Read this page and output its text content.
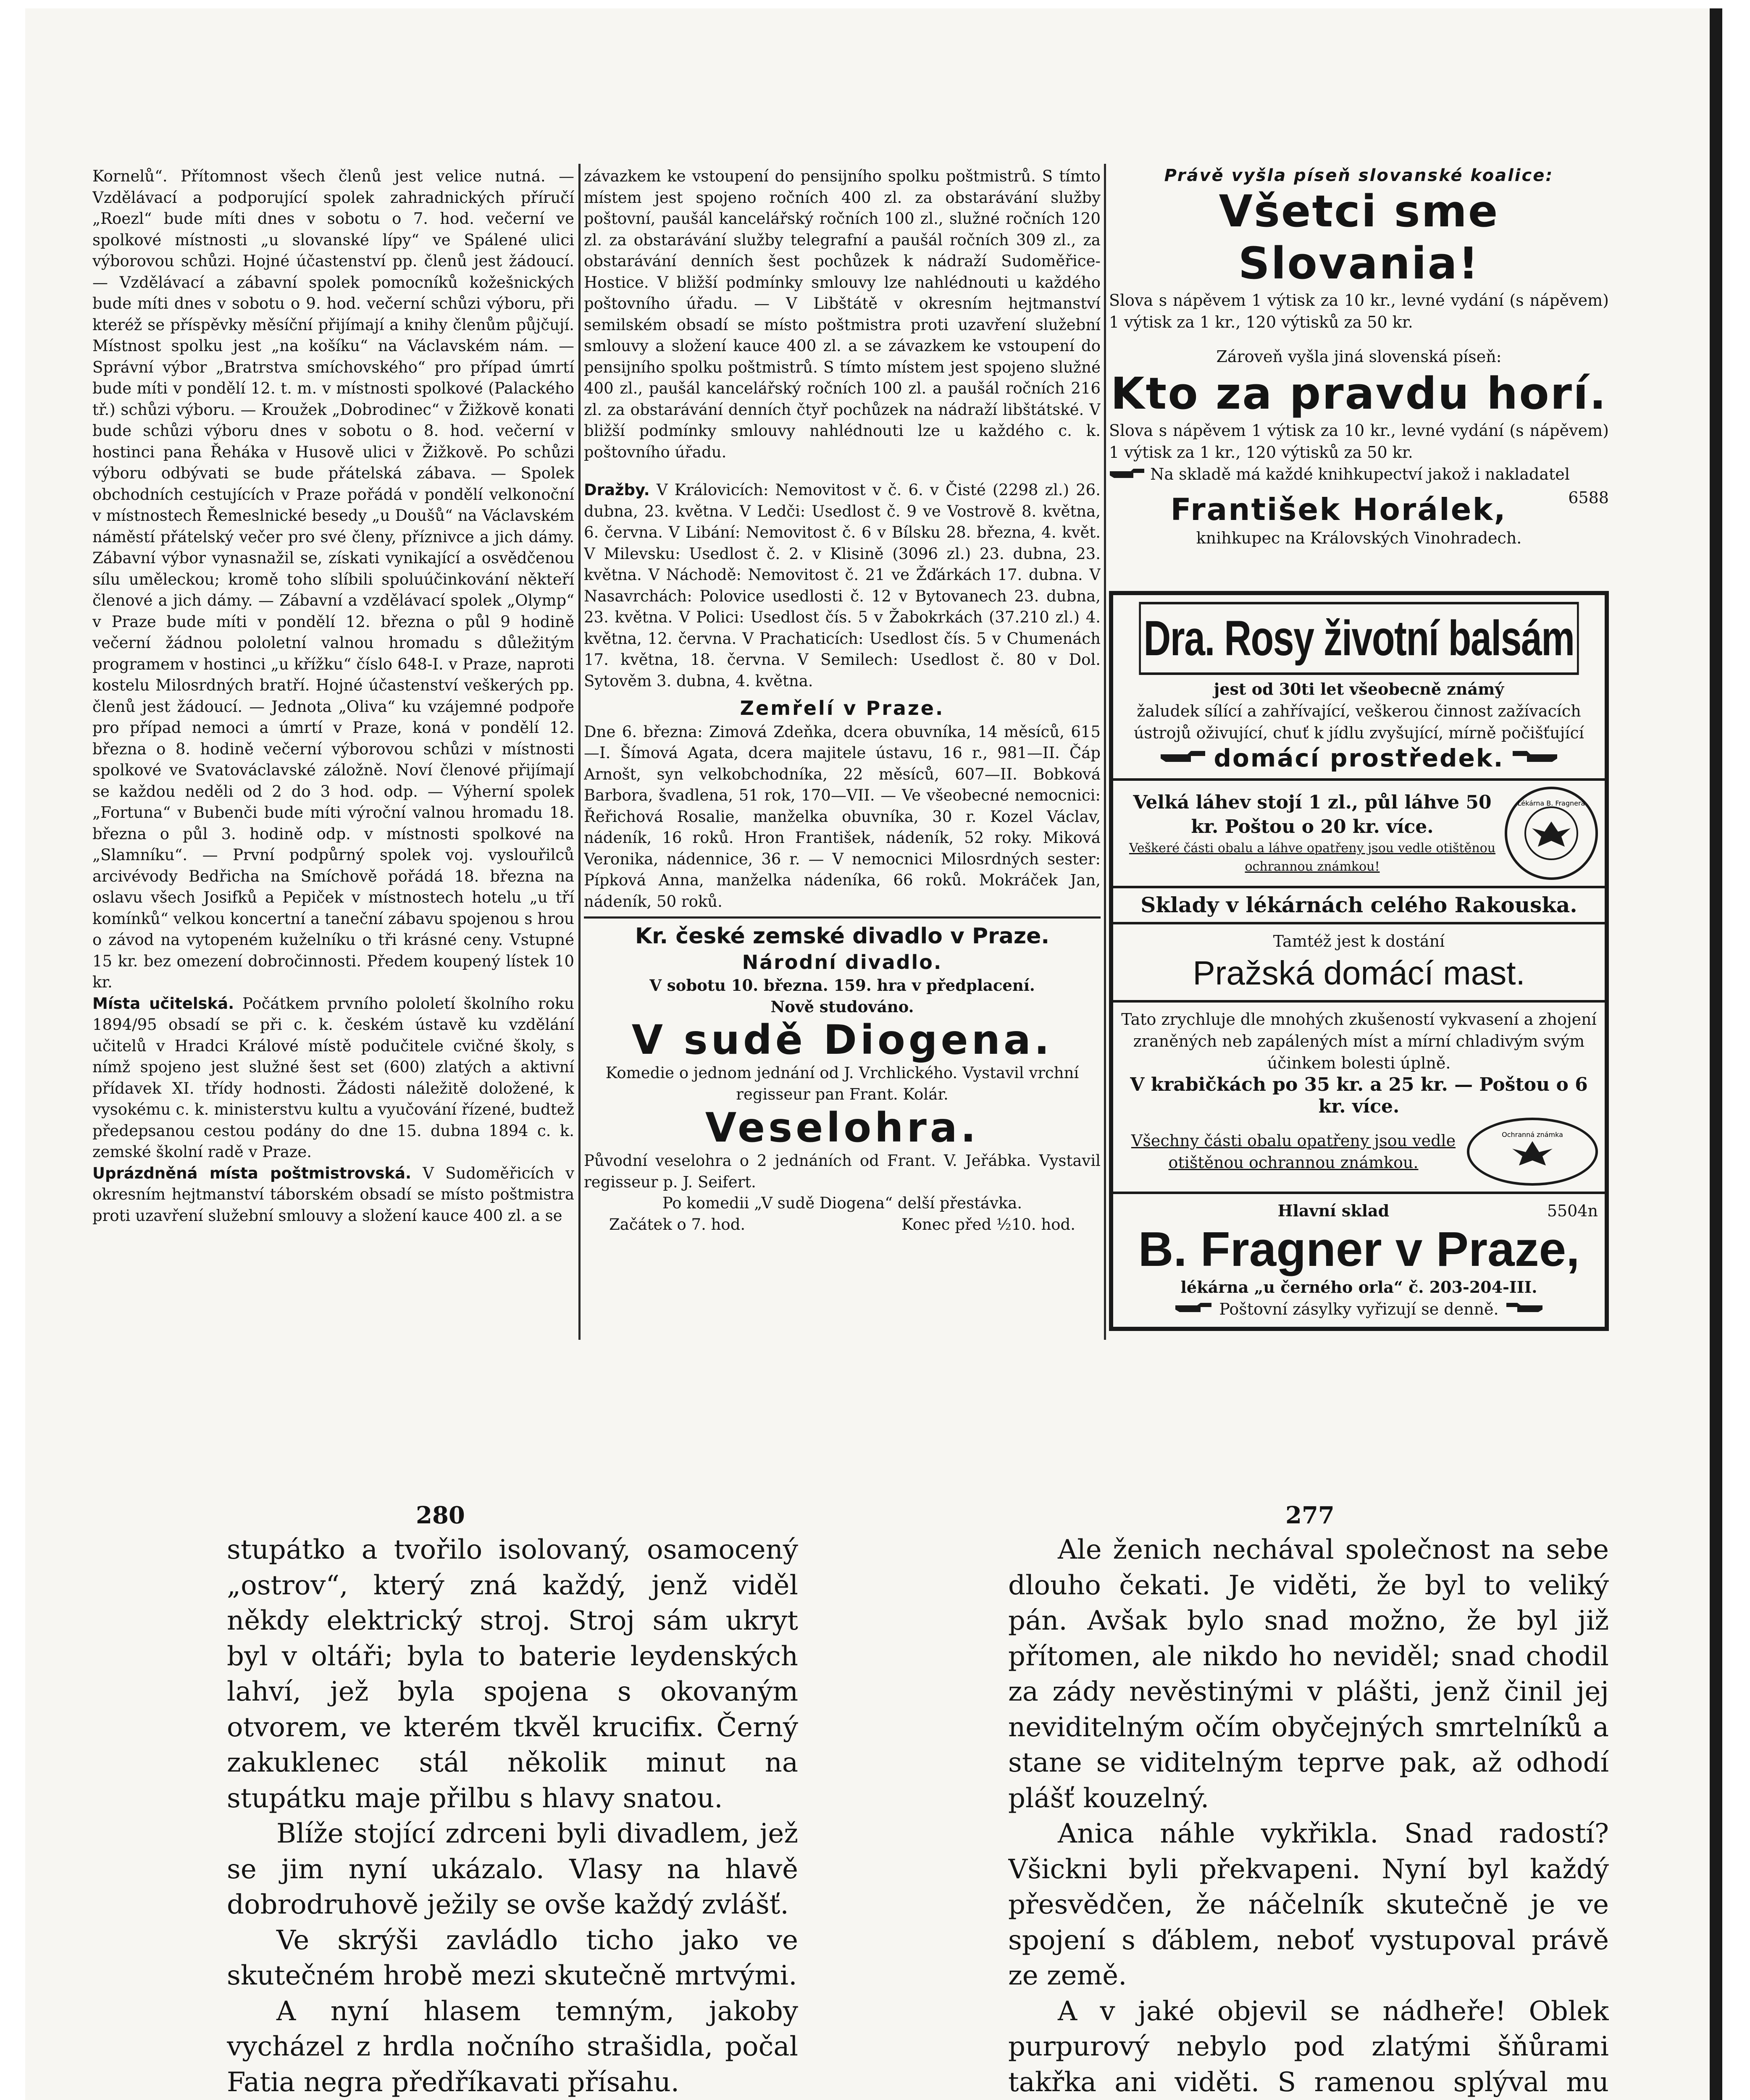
Kornelů“. Přítomnost všech členů jest velice nutná. — Vzdělávací a podporující spolek zahradnických příručí „Roezl“ bude míti dnes v sobotu o 7. hod. večerní ve spolkové místnosti „u slovanské lípy“ ve Spálené ulici výborovou schůzi. Hojné účastenství pp. členů jest žádoucí. — Vzdělávací a zábavní spolek pomocníků kožešnických bude míti dnes v sobotu o 9. hod. večerní schůzi výboru, při kteréž se příspěvky měsíční přijímají a knihy členům půjčují. Místnost spolku jest „na košíku“ na Václavském nám. — Správní výbor „Bratrstva smíchovského“ pro případ úmrtí bude míti v pondělí 12. t. m. v místnosti spolkové (Palackého tř.) schůzi výboru. — Kroužek „Dobrodinec“ v Žižkově konati bude schůzi výboru dnes v sobotu o 8. hod. večerní v hostinci pana Řeháka v Husově ulici v Žižkově. Po schůzi výboru odbývati se bude přátelská zábava. — Spolek obchodních cestujících v Praze pořádá v pondělí velkonoční v místnostech Řemeslnické besedy „u Doušů“ na Václavském náměstí přátelský večer pro své členy, příznivce a jich dámy. Zábavní výbor vynasnažil se, získati vynikající a osvědčenou sílu uměleckou; kromě toho slíbili spoluúčinkování někteří členové a jich dámy. — Zábavní a vzdělávací spolek „Olymp“ v Praze bude míti v pondělí 12. března o půl 9 hodině večerní žádnou pololetní valnou hromadu s důležitým programem v hostinci „u křížku“ číslo 648-I. v Praze, naproti kostelu Milosrdných bratří. Hojné účastenství veškerých pp. členů jest žádoucí. — Jednota „Oliva“ ku vzájemné podpoře pro případ nemoci a úmrtí v Praze, koná v pondělí 12. března o 8. hodině večerní výborovou schůzi v místnosti spolkové ve Svatováclavské záložně. Noví členové přijímají se každou neděli od 2 do 3 hod. odp. — Výherní spolek „Fortuna“ v Bubenči bude míti výroční valnou hromadu 18. března o půl 3. hodině odp. v místnosti spolkové na „Slamníku“. — První podpůrný spolek voj. vyslouřilců arcivévody Bedřicha na Smíchově pořádá 18. března na oslavu všech Josifků a Pepiček v místnostech hotelu „u tří komínků“ velkou koncertní a taneční zábavu spojenou s hrou o závod na vytopeném kuželníku o tři krásné ceny. Vstupné 15 kr. bez omezení dobročinnosti. Předem koupený lístek 10 kr.

Místa učitelská. Počátkem prvního pololetí školního roku 1894/95 obsadí se při c. k. českém ústavě ku vzdělání učitelů v Hradci Králové místě podučitele cvičné školy, s nímž spojeno jest služné šest set (600) zlatých a aktivní přídavek XI. třídy hodnosti. Žádosti náležitě doložené, k vysokému c. k. ministerstvu kultu a vyučování řízené, budtež předepsanou cestou podány do dne 15. dubna 1894 c. k. zemské školní radě v Praze.

Uprázdněná místa poštmistrovská. V Sudoměřicích v okresním hejtmanství táborském obsadí se místo poštmistra proti uzavření služební smlouvy a složení kauce 400 zl. a se

závazkem ke vstoupení do pensijního spolku poštmistrů. S tímto místem jest spojeno ročních 400 zl. za obstarávání služby poštovní, paušál kancelářský ročních 100 zl., služné ročních 120 zl. za obstarávání služby telegrafní a paušál ročních 309 zl., za obstarávání denních šest pochůzek k nádraží Sudoměřice-Hostice. V bližší podmínky smlouvy lze nahlédnouti u každého poštovního úřadu. — V Libštátě v okresním hejtmanství semilském obsadí se místo poštmistra proti uzavření služební smlouvy a složení kauce 400 zl. a se závazkem ke vstoupení do pensijního spolku poštmistrů. S tímto místem jest spojeno služné 400 zl., paušál kancelářský ročních 100 zl. a paušál ročních 216 zl. za obstarávání denních čtyř pochůzek na nádraží libštátské. V bližší podmínky smlouvy nahlédnouti lze u každého c. k. poštovního úřadu.

Dražby. V Královicích: Nemovitost v č. 6. v Čisté (2298 zl.) 26. dubna, 23. května. V Ledči: Usedlost č. 9 ve Vostrově 8. května, 6. června. V Libání: Nemovitost č. 6 v Bílsku 28. března, 4. květ. V Milevsku: Usedlost č. 2. v Klisině (3096 zl.) 23. dubna, 23. května. V Náchodě: Nemovitost č. 21 ve Žďárkách 17. dubna. V Nasavrchách: Polovice usedlosti č. 12 v Bytovanech 23. dubna, 23. května. V Polici: Usedlost čís. 5 v Žabokrkách (37.210 zl.) 4. května, 12. června. V Prachaticích: Usedlost čís. 5 v Chumenách 17. května, 18. června. V Semilech: Usedlost č. 80 v Dol. Sytověm 3. dubna, 4. května.

Zemřelí v Praze.

Dne 6. března: Zimová Zdeňka, dcera obuvníka, 14 měsíců, 615—I. Šímová Agata, dcera majitele ústavu, 16 r., 981—II. Čáp Arnošt, syn velkobchodníka, 22 měsíců, 607—II. Bobková Barbora, švadlena, 51 rok, 170—VII. — Ve všeobecné nemocnici: Řeřichová Rosalie, manželka obuvníka, 30 r. Kozel Václav, nádeník, 16 roků. Hron František, nádeník, 52 roky. Miková Veronika, nádennice, 36 r. — V nemocnici Milosrdných sester: Pípková Anna, manželka nádeníka, 66 roků. Mokráček Jan, nádeník, 50 roků.

Kr. české zemské divadlo v Praze.
Národní divadlo.
V sobotu 10. března. 159. hra v předplacení.
Nově studováno.
V sudě Diogena.

Komedie o jednom jednání od J. Vrchlického. Vystavil vrchní regisseur pan Frant. Kolár.

Veselohra.

Původní veselohra o 2 jednáních od Frant. V. Jeřábka. Vystavil regisseur p. J. Seifert.

Po komedii „V sudě Diogena“ delší přestávka.

Začátek o 7. hod.	Konec před ½10. hod.
Právě vyšla píseň slovanské koalice:
Všetci sme Slovania!
Slova s nápěvem 1 výtisk za 10 kr., levné vydání (s nápěvem) 1 výtisk za 1 kr., 120 výtisků za 50 kr.
Zároveň vyšla jiná slovenská píseň:
Kto za pravdu horí.
Slova s nápěvem 1 výtisk za 10 kr., levné vydání (s nápěvem) 1 výtisk za 1 kr., 120 výtisků za 50 kr.
Na skladě má každé knihkupectví jakož i nakladatel
6588
František Horálek,
knihkupec na Královských Vinohradech.
Dra. Rosy životní balsám
jest od 30ti let všeobecně známý
žaludek sílící a zahřívající, veškerou činnost zažívacích ústrojů oživující, chuť k jídlu zvyšující, mírně počišťující
domácí prostředek.
Velká láhev stojí 1 zl., půl láhve 50 kr. Poštou o 20 kr. více.
Veškeré části obalu a láhve opatřeny jsou vedle otištěnou ochrannou známkou!
Lékárna B. Fragnera
Sklady v lékárnách celého Rakouska.
Tamtéž jest k dostání
Pražská domácí mast.
Tato zrychluje dle mnohých zkušeností vykvasení a zhojení zraněných neb zapálených míst a mírní chladivým svým účinkem bolesti úplně.
V krabičkách po 35 kr. a 25 kr. — Poštou o 6 kr. více.
Všechny části obalu opatřeny jsou vedle otištěnou ochrannou známkou.
Ochranná známka
Hlavní sklad	5504n
B. Fragner v Praze,
lékárna „u černého orla“ č. 203-204-III.
Poštovní zásylky vyřizují se denně.
280	277

stupátko a tvořilo isolovaný, osamocený „ostrov“, který zná každý, jenž viděl někdy elektrický stroj. Stroj sám ukryt byl v oltáři; byla to baterie leydenských lahví, jež byla spojena s okovaným otvorem, ve kterém tkvěl krucifix. Černý zakuklenec stál několik minut na stupátku maje přilbu s hlavy snatou.

Blíže stojící zdrceni byli divadlem, jež se jim nyní ukázalo. Vlasy na hlavě dobrodruhově ježily se ovše každý zvlášť.

Ve skrýši zavládlo ticho jako ve skutečném hrobě mezi skutečně mrtvými.

A nyní hlasem temným, jakoby vycházel z hrdla nočního strašidla, počal Fatia negra předříkavati přísahu.

Ale ženich nechával společnost na sebe dlouho čekati. Je viděti, že byl to veliký pán. Avšak bylo snad možno, že byl již přítomen, ale nikdo ho neviděl; snad chodil za zády nevěstinými v plášti, jenž činil jej neviditelným očím obyčejných smrtelníků a stane se viditelným teprve pak, až odhodí plášť kouzelný.

Anica náhle vykřikla. Snad radostí? Všickni byli překvapeni. Nyní byl každý přesvědčen, že náčelník skutečně je ve spojení s ďáblem, neboť vystupoval právě ze země.

A v jaké objevil se nádheře! Oblek purpurový nebylo pod zlatými šňůrami takřka ani viděti. S ramenou splýval mu
